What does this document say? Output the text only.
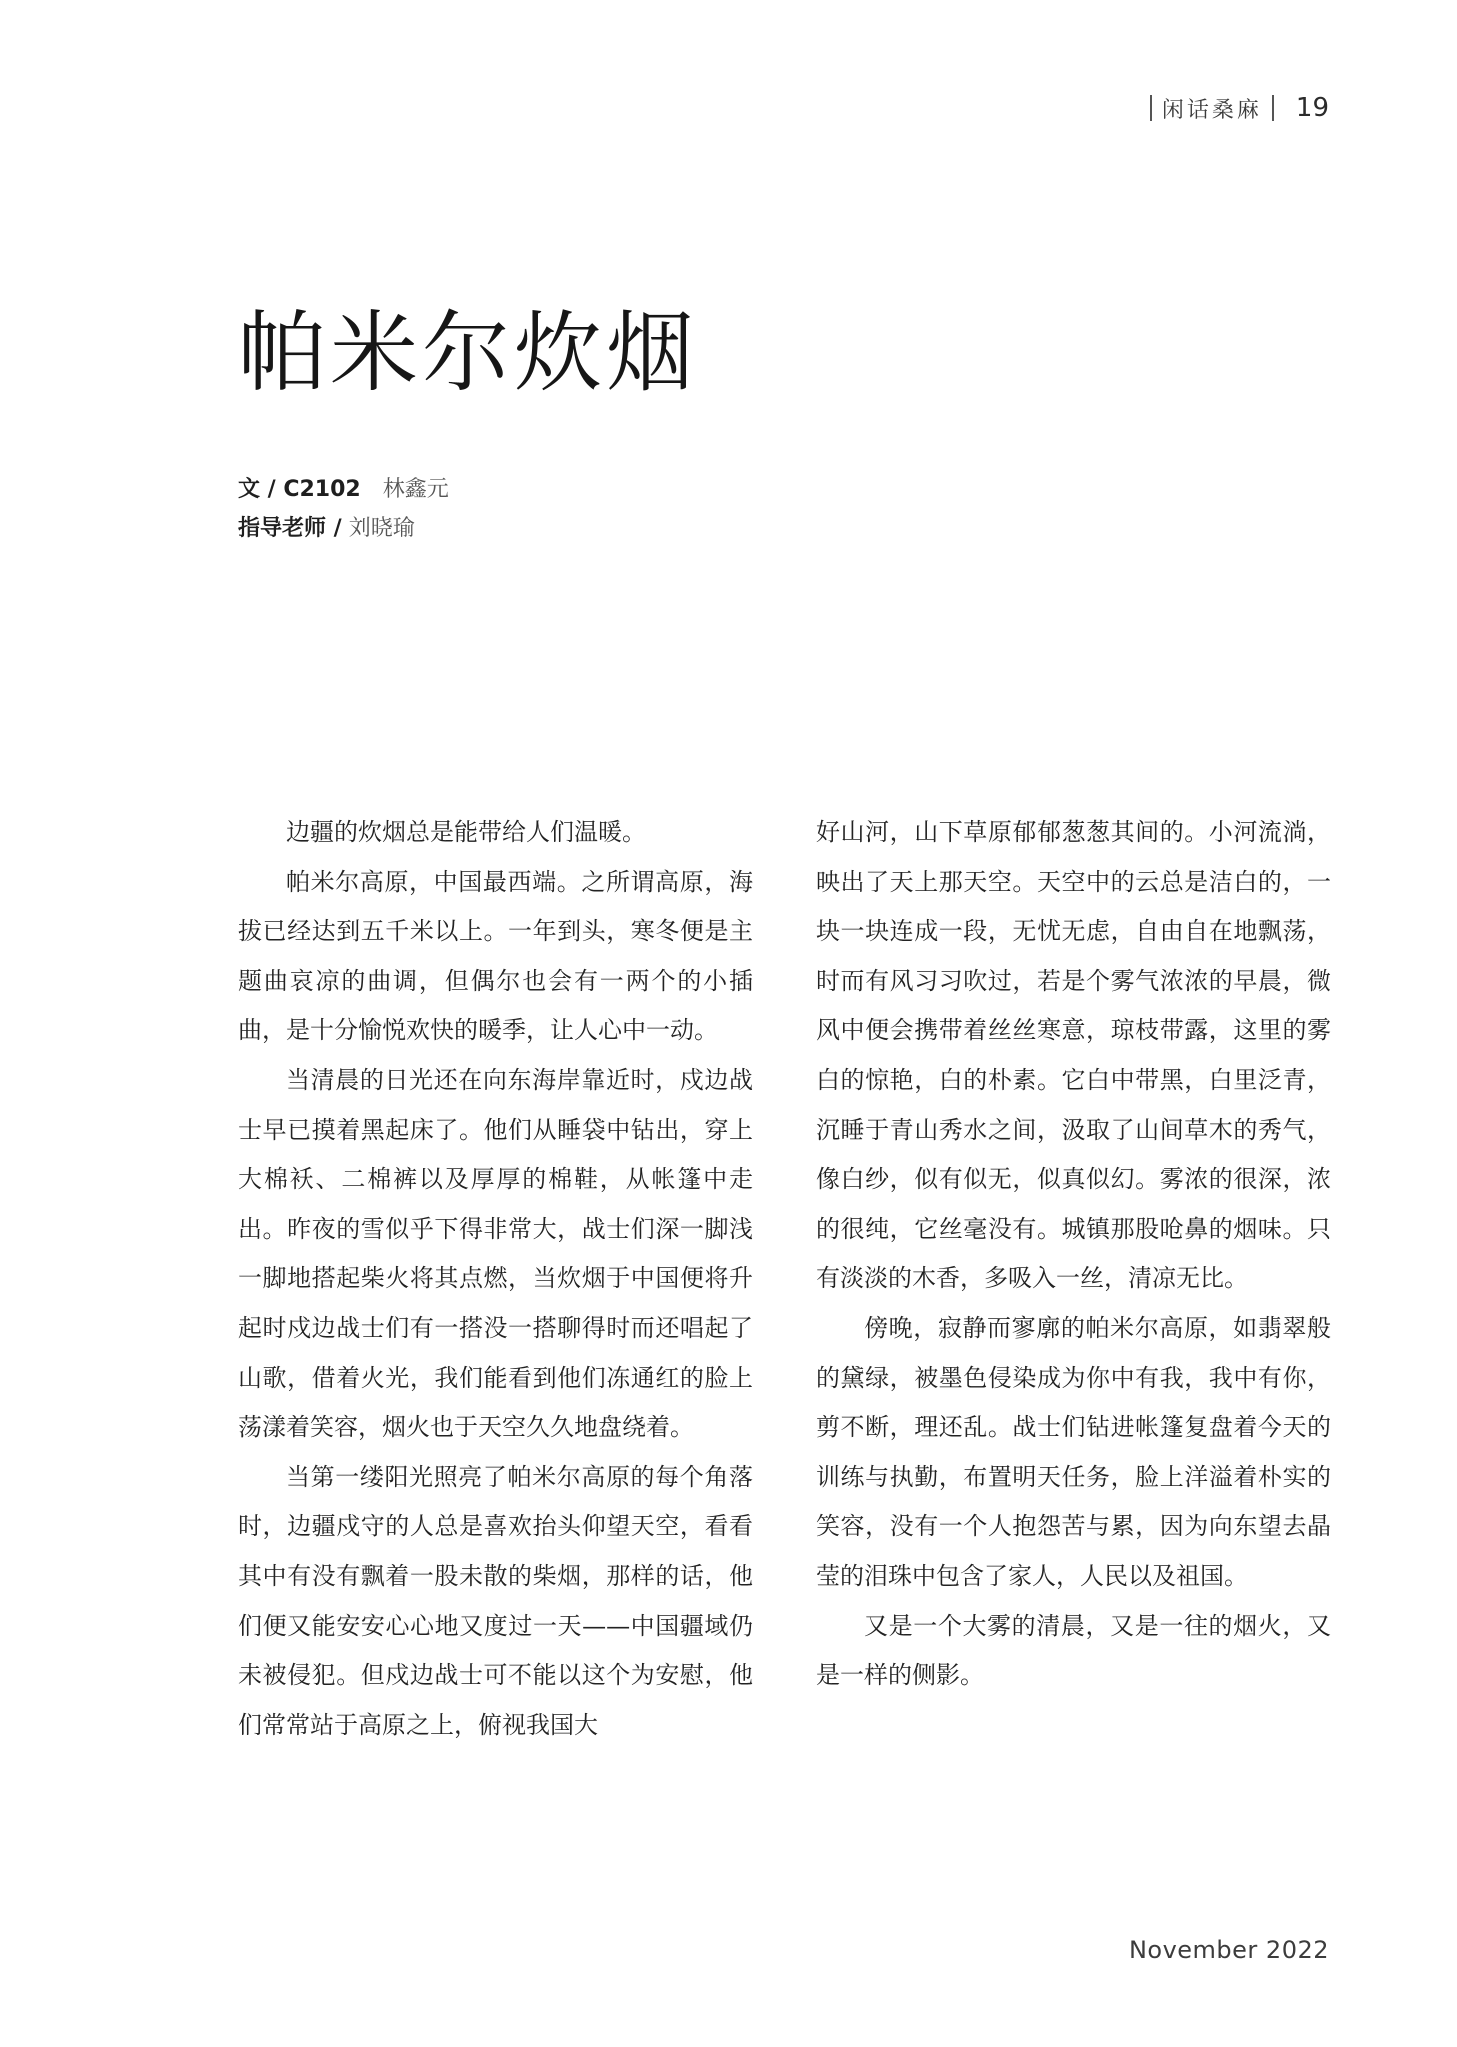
闲话桑麻	19
帕米尔炊烟
文 / C2102 林鑫元
指导老师 / 刘晓瑜

边疆的炊烟总是能带给人们温暖。

帕米尔高原，中国最西端。之所谓高原，海拔已经达到五千米以上。一年到头，寒冬便是主题曲哀凉的曲调，但偶尔也会有一两个的小插曲，是十分愉悦欢快的暖季，让人心中一动。

当清晨的日光还在向东海岸靠近时，戍边战士早已摸着黑起床了。他们从睡袋中钻出，穿上大棉袄、二棉裤以及厚厚的棉鞋，从帐篷中走出。昨夜的雪似乎下得非常大，战士们深一脚浅一脚地搭起柴火将其点燃，当炊烟于中国便将升起时戍边战士们有一搭没一搭聊得时而还唱起了山歌，借着火光，我们能看到他们冻通红的脸上荡漾着笑容，烟火也于天空久久地盘绕着。

当第一缕阳光照亮了帕米尔高原的每个角落时，边疆戍守的人总是喜欢抬头仰望天空，看看其中有没有飘着一股未散的柴烟，那样的话，他们便又能安安心心地又度过一天——中国疆域仍未被侵犯。但戍边战士可不能以这个为安慰，他们常常站于高原之上，俯视我国大

好山河，山下草原郁郁葱葱其间的。小河流淌，映出了天上那天空。天空中的云总是洁白的，一块一块连成一段，无忧无虑，自由自在地飘荡，时而有风习习吹过，若是个雾气浓浓的早晨，微风中便会携带着丝丝寒意，琼枝带露，这里的雾白的惊艳，白的朴素。它白中带黑，白里泛青，沉睡于青山秀水之间，汲取了山间草木的秀气，像白纱，似有似无，似真似幻。雾浓的很深，浓的很纯，它丝毫没有。城镇那股呛鼻的烟味。只有淡淡的木香，多吸入一丝，清凉无比。

傍晚，寂静而寥廓的帕米尔高原，如翡翠般的黛绿，被墨色侵染成为你中有我，我中有你，剪不断，理还乱。战士们钻进帐篷复盘着今天的训练与执勤，布置明天任务，脸上洋溢着朴实的笑容，没有一个人抱怨苦与累，因为向东望去晶莹的泪珠中包含了家人，人民以及祖国。

又是一个大雾的清晨，又是一往的烟火，又是一样的侧影。

November 2022
